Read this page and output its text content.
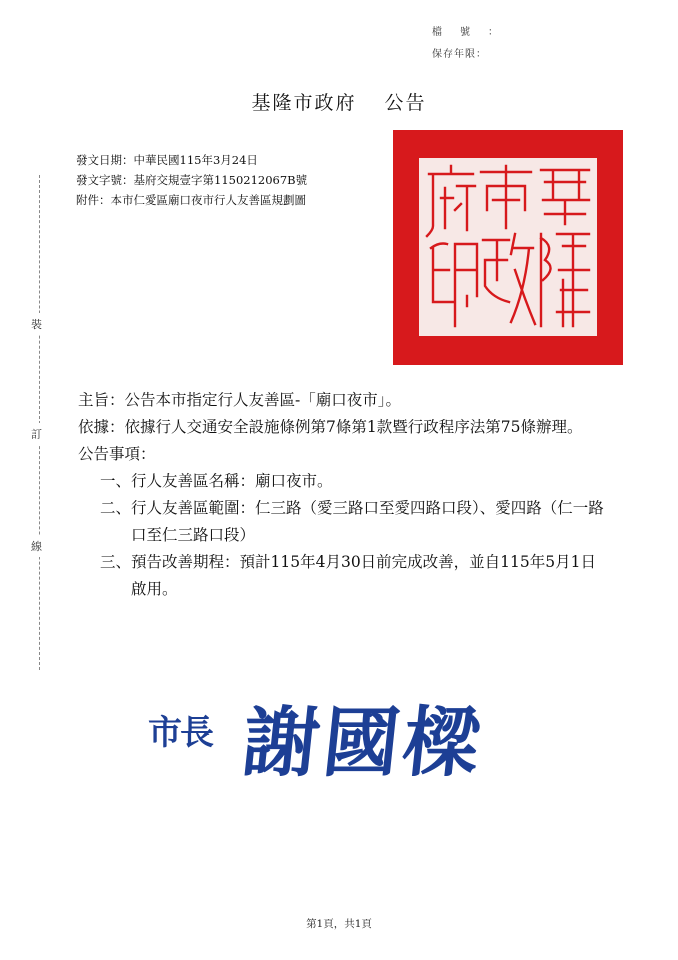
檔號：
保存年限：
基隆市政府 公告
發文日期：中華民國115年3月24日
發文字號：基府交規壹字第1150212067B號
附件：本市仁愛區廟口夜市行人友善區規劃圖
裝
訂
線
主旨： 公告本市指定行人友善區-「廟口夜市」。
依據： 依據行人交通安全設施條例第7條第1款暨行政程序法第75條辦理。
公告事項：
一、 行人友善區名稱：廟口夜市。
二、 行人友善區範圍：仁三路（愛三路口至愛四路口段）、愛四路（仁一路口至仁三路口段）
三、 預告改善期程：預計115年4月30日前完成改善，並自115年5月1日啟用。
市長 謝國樑
第1頁，共1頁
